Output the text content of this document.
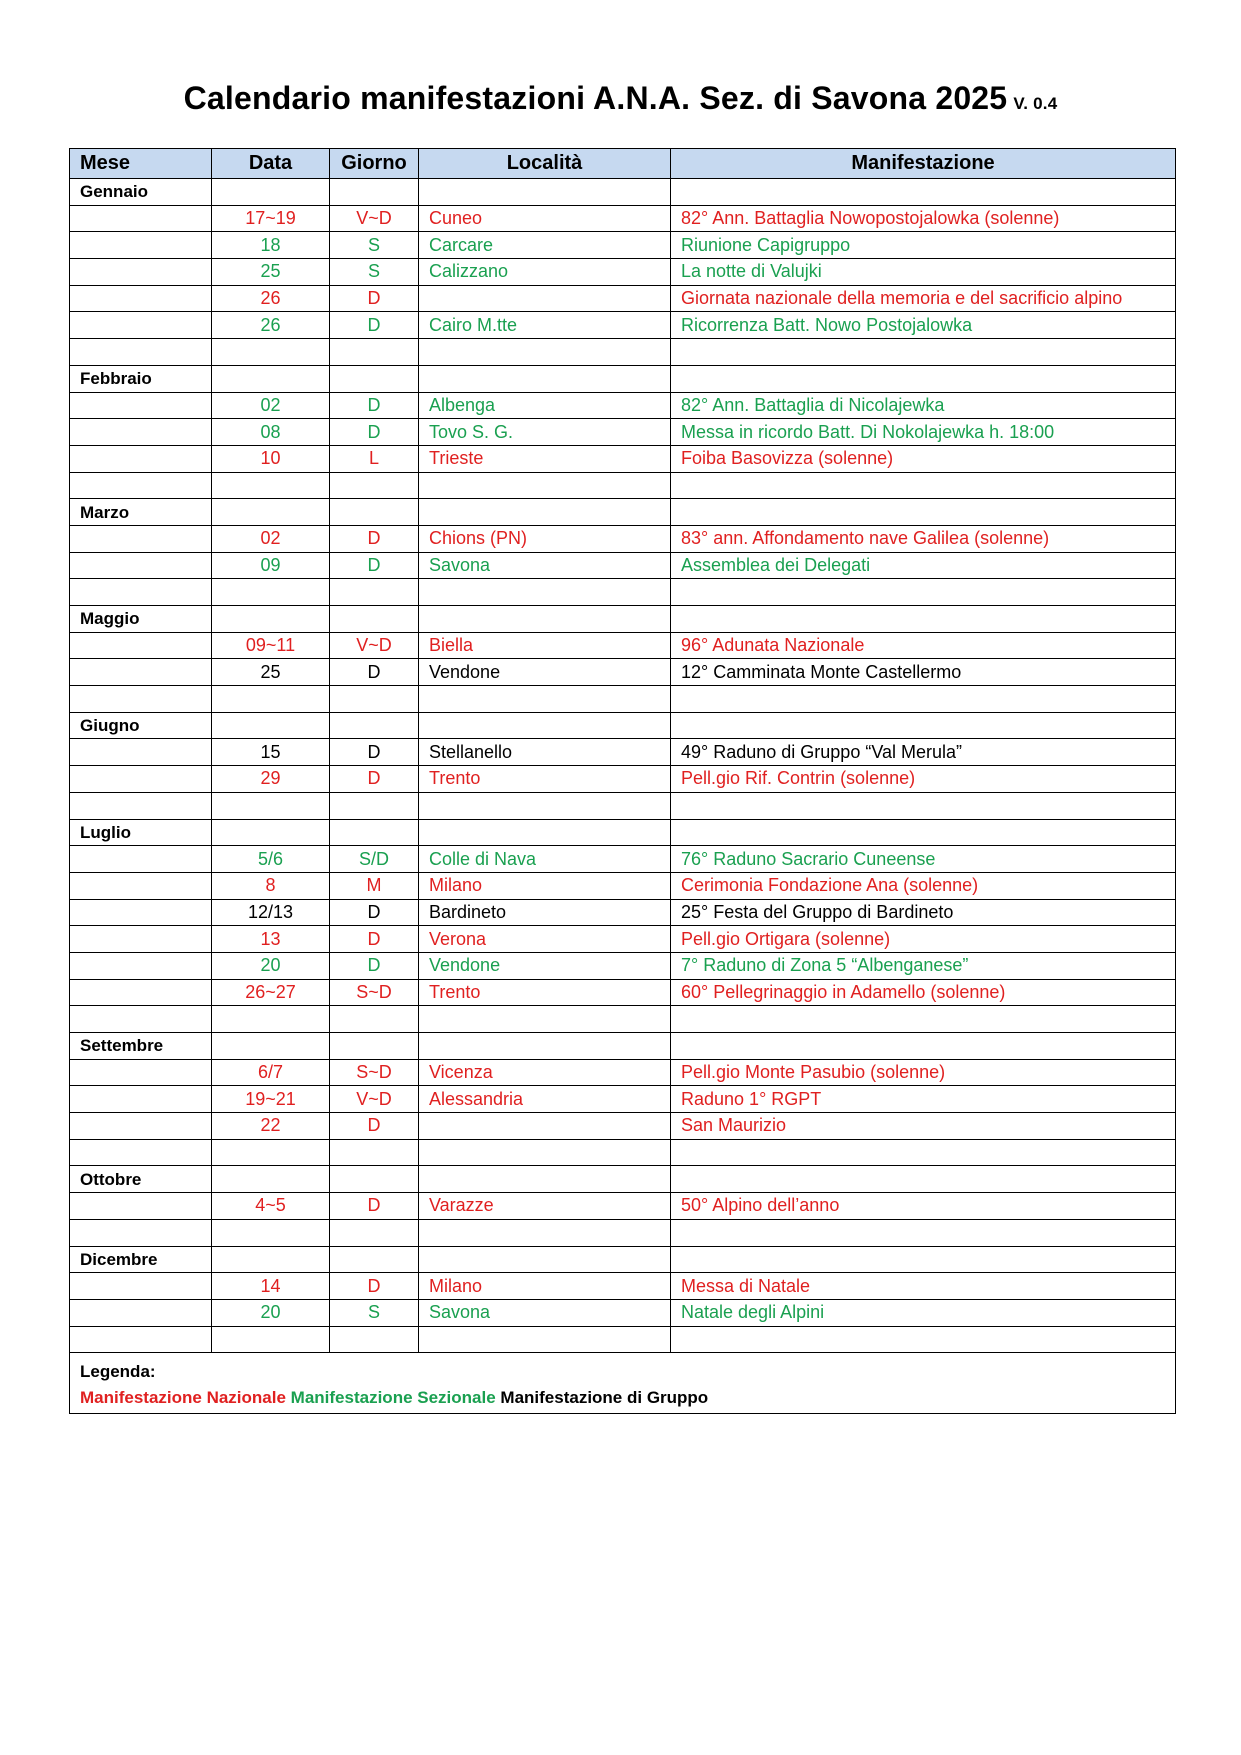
Calendario manifestazioni A.N.A. Sez. di Savona 2025 V. 0.4
Mese	Data	Giorno	Località	Manifestazione
Gennaio				
	17~19	V~D	Cuneo	82° Ann. Battaglia Nowopostojalowka (solenne)
	18	S	Carcare	Riunione Capigruppo
	25	S	Calizzano	La notte di Valujki
	26	D		Giornata nazionale della memoria e del sacrificio alpino
	26	D	Cairo M.tte	Ricorrenza Batt. Nowo Postojalowka

Febbraio				
	02	D	Albenga	82° Ann. Battaglia di Nicolajewka
	08	D	Tovo S. G.	Messa in ricordo Batt. Di Nokolajewka h. 18:00
	10	L	Trieste	Foiba Basovizza (solenne)

Marzo				
	02	D	Chions (PN)	83° ann. Affondamento nave Galilea (solenne)
	09	D	Savona	Assemblea dei Delegati

Maggio				
	09~11	V~D	Biella	96° Adunata Nazionale
	25	D	Vendone	12° Camminata Monte Castellermo

Giugno				
	15	D	Stellanello	49° Raduno di Gruppo “Val Merula”
	29	D	Trento	Pell.gio Rif. Contrin (solenne)

Luglio				
	5/6	S/D	Colle di Nava	76° Raduno Sacrario Cuneense
	8	M	Milano	Cerimonia Fondazione Ana (solenne)
	12/13	D	Bardineto	25° Festa del Gruppo di Bardineto
	13	D	Verona	Pell.gio Ortigara (solenne)
	20	D	Vendone	7° Raduno di Zona 5 “Albenganese”
	26~27	S~D	Trento	60° Pellegrinaggio in Adamello (solenne)

Settembre				
	6/7	S~D	Vicenza	Pell.gio Monte Pasubio (solenne)
	19~21	V~D	Alessandria	Raduno 1° RGPT
	22	D		San Maurizio

Ottobre				
	4~5	D	Varazze	50° Alpino dell’anno

Dicembre				
	14	D	Milano	Messa di Natale
	20	S	Savona	Natale degli Alpini

Legenda:
Manifestazione Nazionale Manifestazione Sezionale Manifestazione di Gruppo				
